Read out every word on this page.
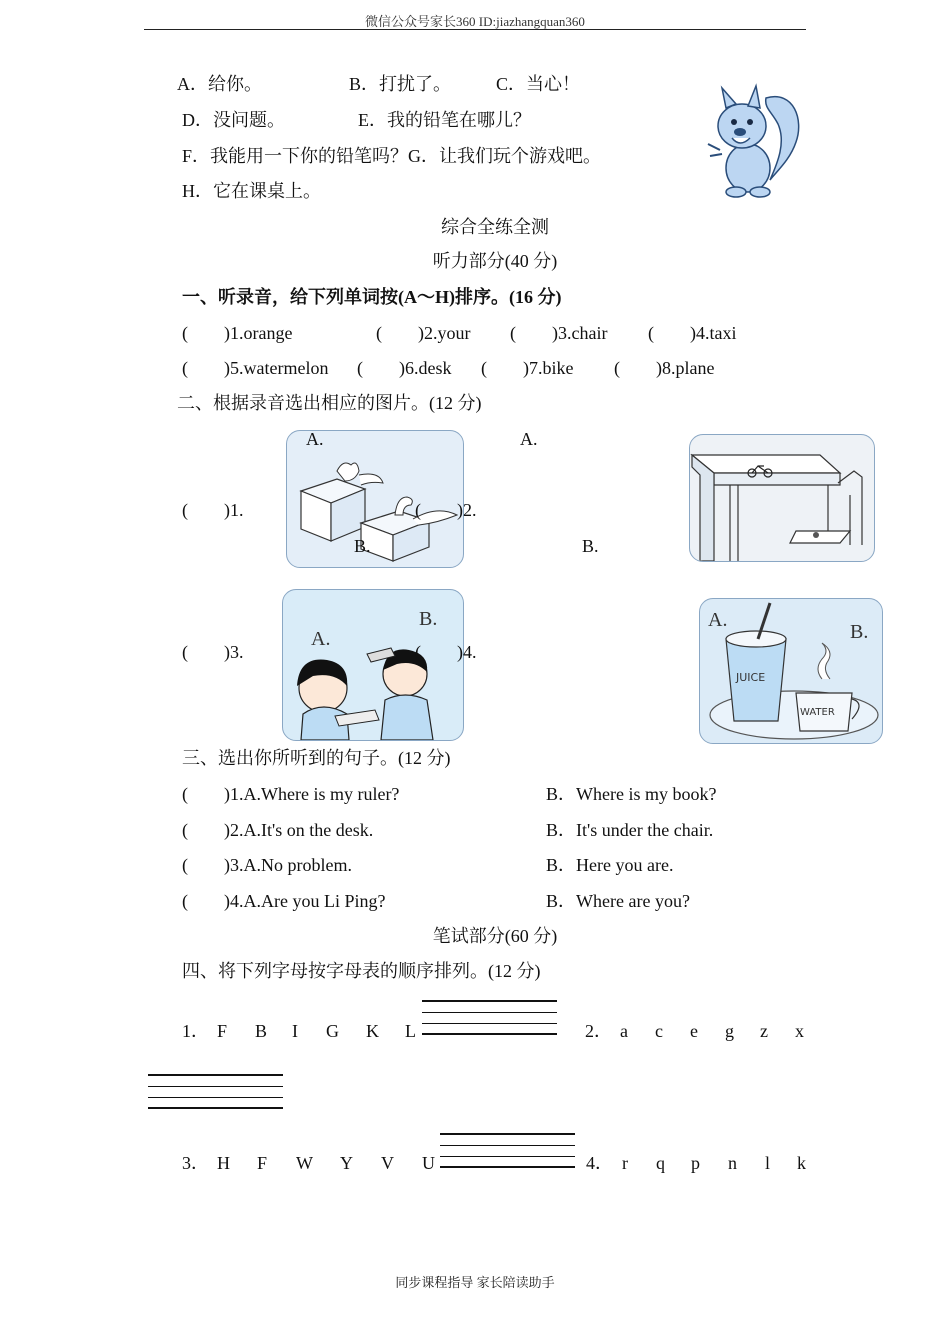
微信公众号家长360 ID:jiazhangquan360
A．给你。	B．打扰了。 C．当心！
D．没问题。	E．我的铅笔在哪儿？
F．我能用一下你的铅笔吗？G．让我们玩个游戏吧。
H．它在课桌上。
综合全练全测
听力部分(40 分)
一、听录音，给下列单词按(A～H)排序。(16 分)
(　　)1.orange	(　　)2.your (　　)3.chair (　　)4.taxi
(　　)5.watermelon (　　)6.desk (　　)7.bike (　　)8.plane
二、根据录音选出相应的图片。(12 分)
A.
B.
(　　)1.	(　　)2.
A.
B.
(　　)3.
A.
B.
(　　)4.
JUICE
WATER
A.
B.
三、选出你所听到的句子。(12 分)
(　　)1.A.Where is my ruler?	B．Where is my book?
(　　)2.A.It's on the desk.	B．It's under the chair.
(　　)3.A.No problem.	B．Here you are.
(　　)4.A.Are you Li Ping?	B．Where are you?
笔试部分(60 分)
四、将下列字母按字母表的顺序排列。(12 分)
1． F B I G K L	2． a c e g z x
3． H F W Y V U	4． r q p n l k
同步课程指导 家长陪读助手
